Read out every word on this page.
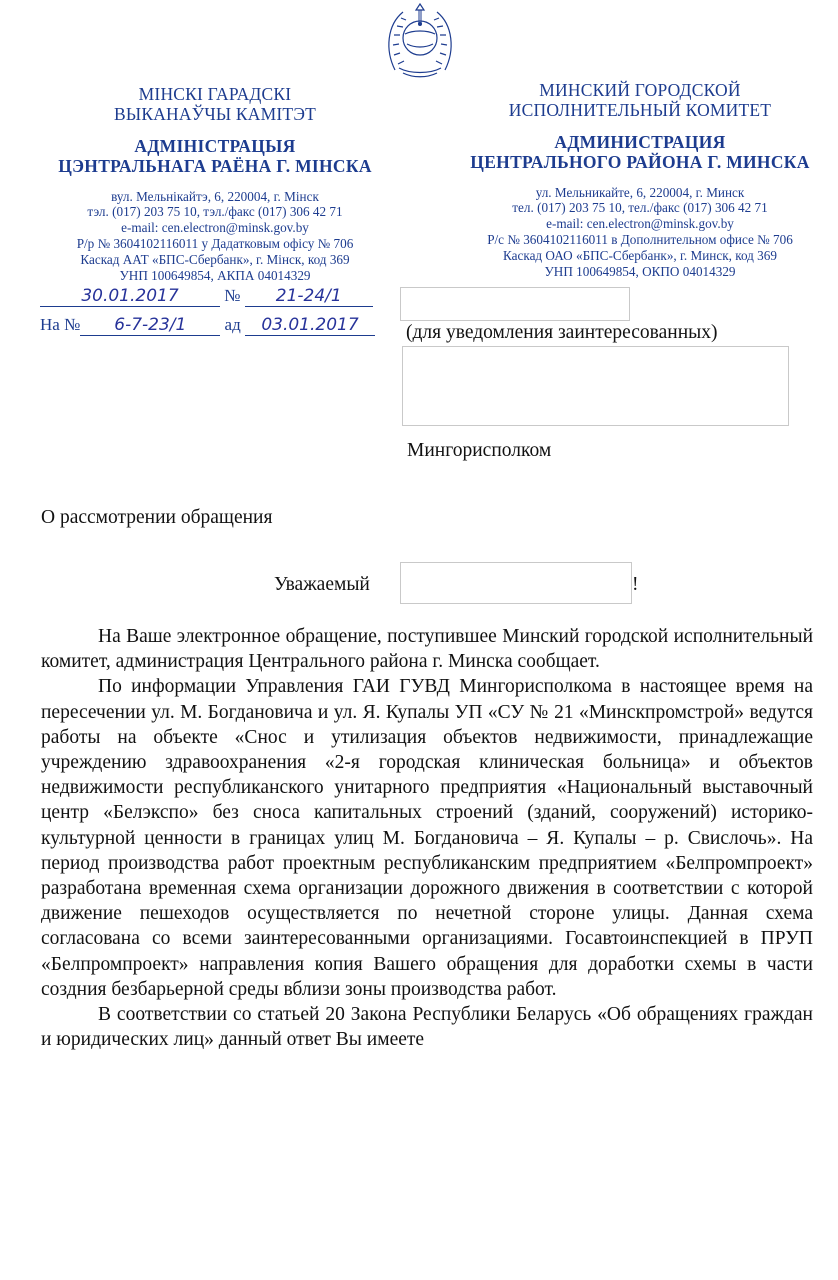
МІНСКІ ГАРАДСКІ
ВЫКАНАЎЧЫ КАМІТЭТ
АДМІНІСТРАЦЫЯ
ЦЭНТРАЛЬНАГА РАЁНА Г. МІНСКА
вул. Мельнікайтэ, 6, 220004, г. Мінск
тэл. (017) 203 75 10, тэл./факс (017) 306 42 71
e-mail: cen.electron@minsk.gov.by
Р/р № 3604102116011 у Дадатковым офісу № 706
Каскад ААТ «БПС-Сбербанк», г. Мінск, код 369
УНП 100649854, АКПА 04014329
МИНСКИЙ ГОРОДСКОЙ
ИСПОЛНИТЕЛЬНЫЙ КОМИТЕТ
АДМИНИСТРАЦИЯ
ЦЕНТРАЛЬНОГО РАЙОНА Г. МИНСКА
ул. Мельникайте, 6, 220004, г. Минск
тел. (017) 203 75 10, тел./факс (017) 306 42 71
e-mail: cen.electron@minsk.gov.by
Р/с № 3604102116011 в Дополнительном офисе № 706
Каскад ОАО «БПС-Сбербанк», г. Минск, код 369
УНП 100649854, ОКПО 04014329
30.01.2017	№ 21-24/1
На № 6-7-23/1 ад 03.01.2017	(для уведомления заинтересованных)
Мингорисполком
О рассмотрении обращения
Уважаемый	!

На Ваше электронное обращение, поступившее Минский городской исполнительный комитет, администрация Центрального района г. Минска сообщает.

По информации Управления ГАИ ГУВД Мингорисполкома в настоящее время на пересечении ул. М. Богдановича и ул. Я. Купалы УП «СУ № 21 «Минскпромстрой» ведутся работы на объекте «Снос и утилизация объектов недвижимости, принадлежащие учреждению здравоохранения «2-я городская клиническая больница» и объектов недвижимости республиканского унитарного предприятия «Национальный выставочный центр «Белэкспо» без сноса капитальных строений (зданий, сооружений) историко-культурной ценности в границах улиц М. Богдановича – Я. Купалы – р. Свислочь». На период производства работ проектным республиканским предприятием «Белпромпроект» разработана временная схема организации дорожного движения в соответствии с которой движение пешеходов осуществляется по нечетной стороне улицы. Данная схема согласована со всеми заинтересованными организациями. Госавтоинспекцией в ПРУП «Белпромпроект» направления копия Вашего обращения для доработки схемы в части создния безбарьерной среды вблизи зоны производства работ.

В соответствии со статьей 20 Закона Республики Беларусь «Об обращениях граждан и юридических лиц» данный ответ Вы имеете
